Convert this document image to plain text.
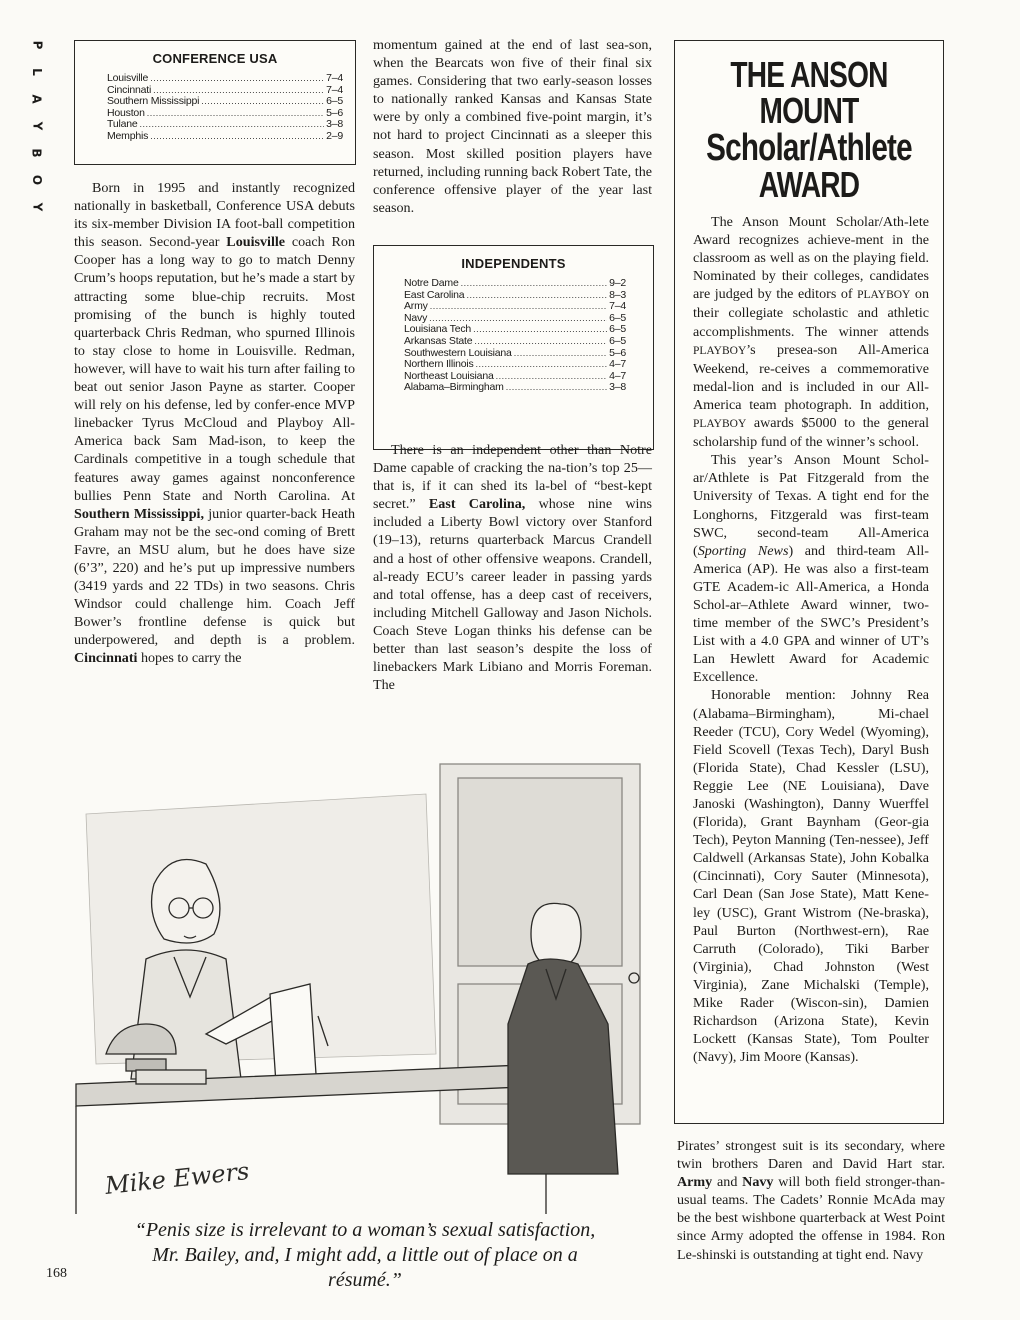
P
L
A
Y
B
O
Y
CONFERENCE USA
Louisville .....	7–4
Cincinnati .....	7–4
Southern Mississippi .....	6–5
Houston .....	5–6
Tulane .....	3–8
Memphis .....	2–9

Born in 1995 and instantly recognized nationally in basketball, Conference USA debuts its six-member Division IA foot-ball competition this season. Second-year Louisville coach Ron Cooper has a long way to go to match Denny Crum’s hoops reputation, but he’s made a start by attracting some blue-chip recruits. Most promising of the bunch is highly touted quarterback Chris Redman, who spurned Illinois to stay close to home in Louisville. Redman, however, will have to wait his turn after failing to beat out senior Jason Payne as starter. Cooper will rely on his defense, led by confer-ence MVP linebacker Tyrus McCloud and Playboy All-America back Sam Mad-ison, to keep the Cardinals competitive in a tough schedule that features away games against nonconference bullies Penn State and North Carolina. At Southern Mississippi, junior quarter-back Heath Graham may not be the sec-ond coming of Brett Favre, an MSU alum, but he does have size (6’3”, 220) and he’s put up impressive numbers (3419 yards and 22 TDs) in two seasons. Chris Windsor could challenge him. Coach Jeff Bower’s frontline defense is quick but underpowered, and depth is a problem. Cincinnati hopes to carry the

momentum gained at the end of last sea-son, when the Bearcats won five of their final six games. Considering that two early-season losses to nationally ranked Kansas and Kansas State were by only a combined five-point margin, it’s not hard to project Cincinnati as a sleeper this season. Most skilled position players have returned, including running back Robert Tate, the conference offensive player of the year last season.

INDEPENDENTS
Notre Dame .....	9–2
East Carolina .....	8–3
Army .....	7–4
Navy .....	6–5
Louisiana Tech .....	6–5
Arkansas State .....	6–5
Southwestern Louisiana .....	5–6
Northern Illinois .....	4–7
Northeast Louisiana .....	4–7
Alabama–Birmingham .....	3–8

There is an independent other than Notre Dame capable of cracking the na-tion’s top 25—that is, if it can shed its la-bel of “best-kept secret.” East Carolina, whose nine wins included a Liberty Bowl victory over Stanford (19–13), returns quarterback Marcus Crandell and a host of other offensive weapons. Crandell, al-ready ECU’s career leader in passing yards and total offense, has a deep cast of receivers, including Mitchell Galloway and Jason Nichols. Coach Steve Logan thinks his defense can be better than last season’s despite the loss of linebackers Mark Libiano and Morris Foreman. The

THE ANSON MOUNT
Scholar/Athlete
AWARD

The Anson Mount Scholar/Ath-lete Award recognizes achieve-ment in the classroom as well as on the playing field. Nominated by their colleges, candidates are judged by the editors of PLAYBOY on their collegiate scholastic and athletic accomplishments. The winner attends PLAYBOY’s presea-son All-America Weekend, re-ceives a commemorative medal-lion and is included in our All-America team photograph. In addition, PLAYBOY awards $5000 to the general scholarship fund of the winner’s school.

This year’s Anson Mount Schol-ar/Athlete is Pat Fitzgerald from the University of Texas. A tight end for the Longhorns, Fitzgerald was first-team SWC, second-team All-America (Sporting News) and third-team All-America (AP). He was also a first-team GTE Academ-ic All-America, a Honda Schol-ar–Athlete Award winner, two-time member of the SWC’s President’s List with a 4.0 GPA and winner of UT’s Lan Hewlett Award for Academic Excellence.

Honorable mention: Johnny Rea (Alabama–Birmingham), Mi-chael Reeder (TCU), Cory Wedel (Wyoming), Field Scovell (Texas Tech), Daryl Bush (Florida State), Chad Kessler (LSU), Reggie Lee (NE Louisiana), Dave Janoski (Washington), Danny Wuerffel (Florida), Grant Baynham (Geor-gia Tech), Peyton Manning (Ten-nessee), Jeff Caldwell (Arkansas State), John Kobalka (Cincinnati), Cory Sauter (Minnesota), Carl Dean (San Jose State), Matt Kene-ley (USC), Grant Wistrom (Ne-braska), Paul Burton (Northwest-ern), Rae Carruth (Colorado), Tiki Barber (Virginia), Chad Johnston (West Virginia), Zane Michalski (Temple), Mike Rader (Wiscon-sin), Damien Richardson (Arizona State), Kevin Lockett (Kansas State), Tom Poulter (Navy), Jim Moore (Kansas).

Pirates’ strongest suit is its secondary, where twin brothers Daren and David Hart star. Army and Navy will both field stronger-than-usual teams. The Cadets’ Ronnie McAda may be the best wishbone quarterback at West Point since Army adopted the offense in 1984. Ron Le-shinski is outstanding at tight end. Navy

Mike Ewers
“Penis size is irrelevant to a woman’s sexual satisfaction, Mr. Bailey, and, I might add, a little out of place on a résumé.”
168
